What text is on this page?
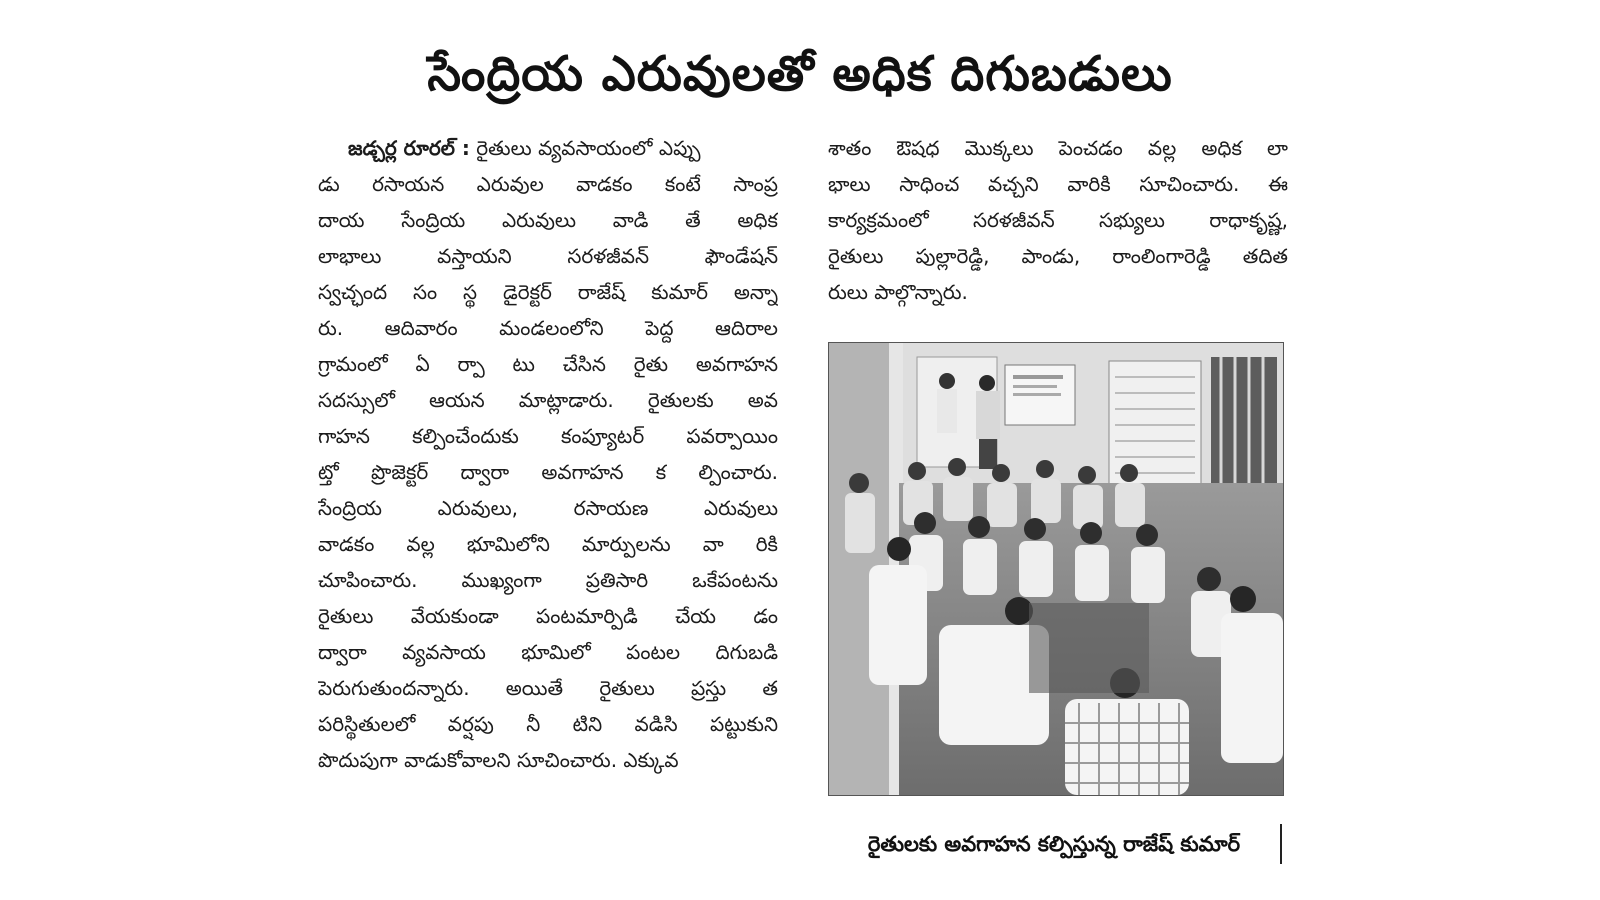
సేంద్రియ ఎరువులతో అధిక దిగుబడులు
జడ్చర్ల రూరల్ : రైతులు వ్యవసాయంలో ఎప్పు
డు రసాయన ఎరువుల వాడకం కంటే సాంప్ర
దాయ సేంద్రియ ఎరువులు వాడి తే అధిక
లాభాలు వస్తాయని సరళజీవన్ ఫౌండేషన్
స్వచ్ఛంద సం స్థ డైరెక్టర్ రాజేష్ కుమార్ అన్నా
రు. ఆదివారం మండలంలోని పెద్ద ఆదిరాల
గ్రామంలో ఏ ర్పా టు చేసిన రైతు అవగాహన
సదస్సులో ఆయన మాట్లాడారు. రైతులకు అవ
గాహన కల్పించేందుకు కంప్యూటర్ పవర్పాయిం
ట్తో ప్రొజెక్టర్ ద్వారా అవగాహన క ల్పించారు.
సేంద్రియ ఎరువులు, రసాయణ ఎరువులు
వాడకం వల్ల భూమిలోని మార్పులను వా రికి
చూపించారు. ముఖ్యంగా ప్రతిసారి ఒకేపంటను
రైతులు వేయకుండా పంటమార్పిడి చేయ డం
ద్వారా వ్యవసాయ భూమిలో పంటల దిగుబడి
పెరుగుతుందన్నారు. అయితే రైతులు ప్రస్తు త
పరిస్థితులలో వర్షపు నీ టిని వడిసి పట్టుకుని
పొదుపుగా వాడుకోవాలని సూచించారు. ఎక్కువ
శాతం ఔషధ మొక్కలు పెంచడం వల్ల అధిక లా
భాలు సాధించ వచ్చని వారికి సూచించారు. ఈ
కార్యక్రమంలో సరళజీవన్ సభ్యులు రాధాకృష్ణ,
రైతులు పుల్లారెడ్డి, పాండు, రాంలింగారెడ్డి తదిత
రులు పాల్గొన్నారు.
రైతులకు అవగాహన కల్పిస్తున్న రాజేష్ కుమార్
